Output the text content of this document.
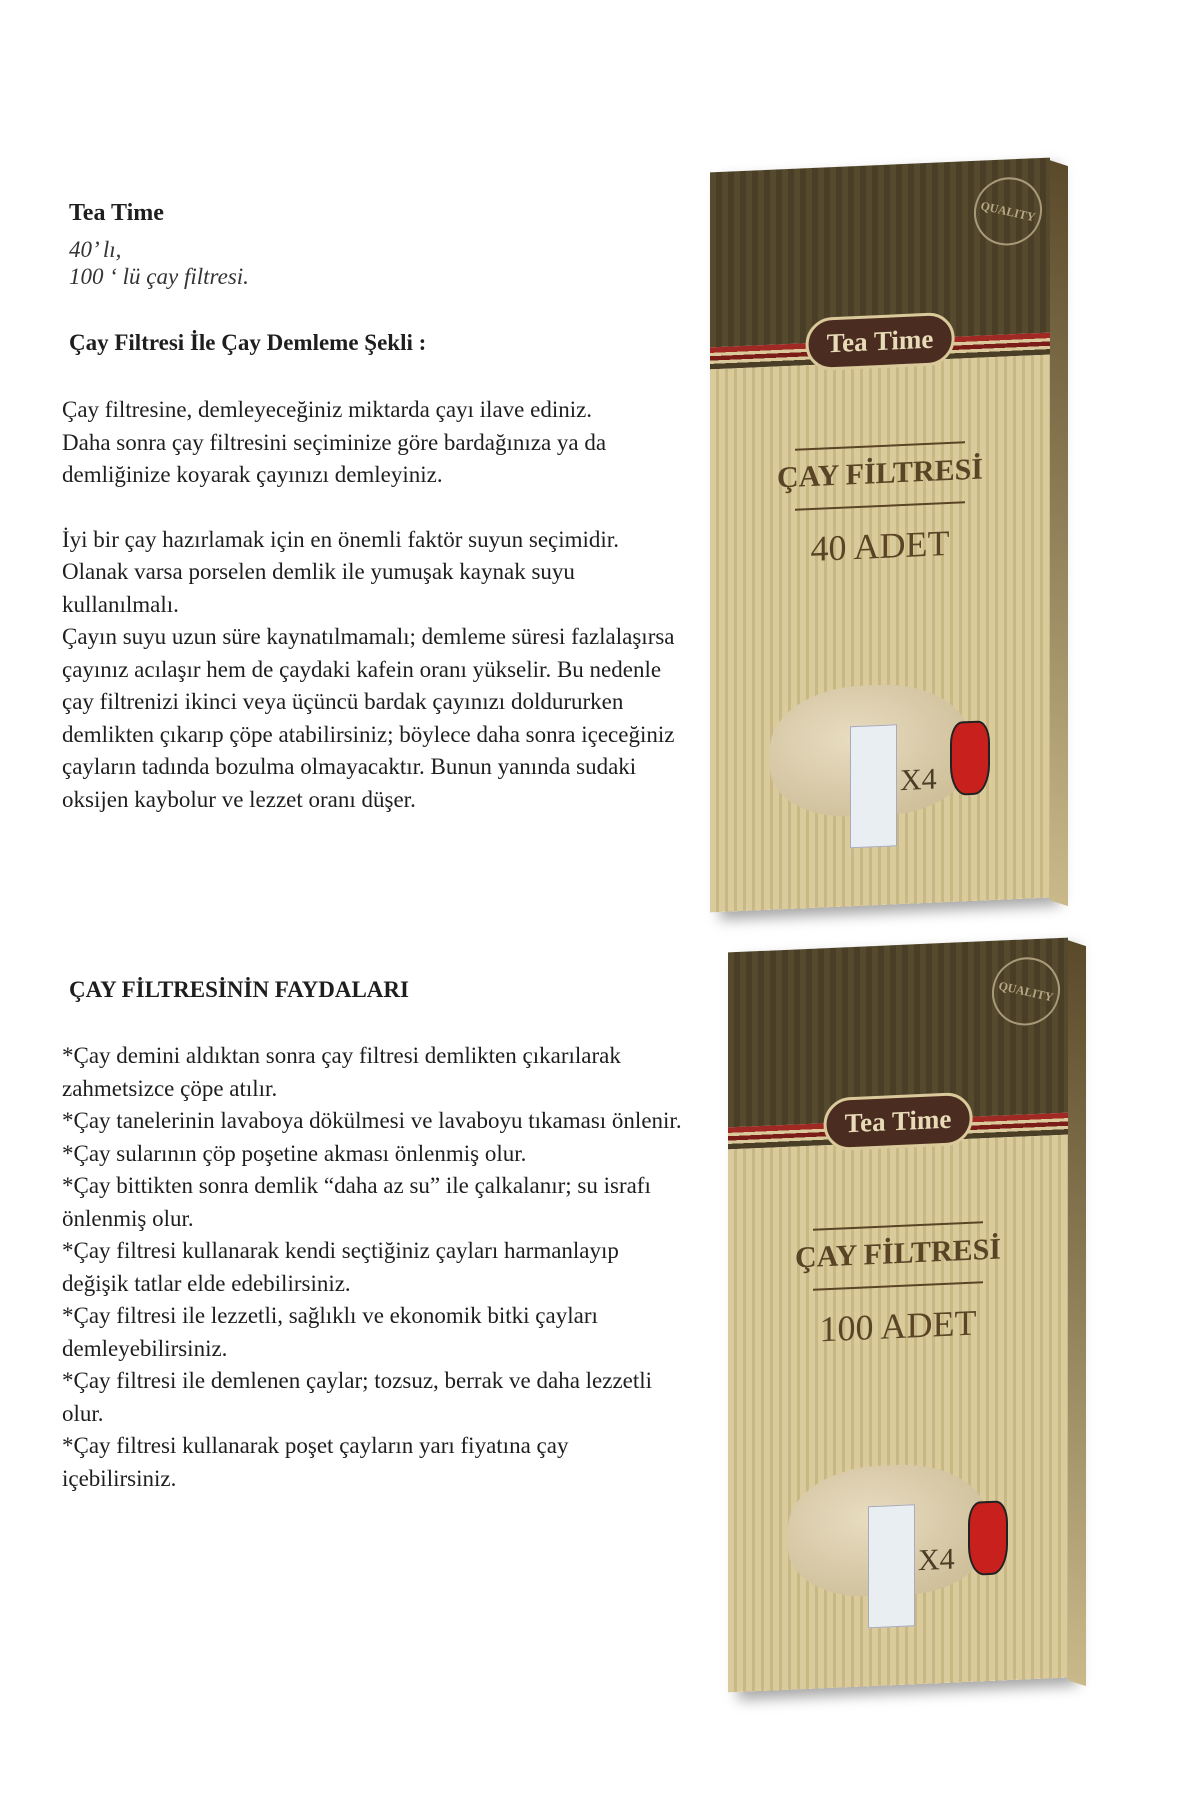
Tea Time
40’ lı,
100 ‘ lü çay filtresi.
Çay Filtresi İle Çay Demleme Şekli :

Çay filtresine, demleyeceğiniz miktarda çayı ilave ediniz.

Daha sonra çay filtresini seçiminize göre bardağınıza ya da demliğinize koyarak çayınızı demleyiniz.

İyi bir çay hazırlamak için en önemli faktör suyun seçimidir.

Olanak varsa porselen demlik ile yumuşak kaynak suyu kullanılmalı.

Çayın suyu uzun süre kaynatılmamalı; demleme süresi fazlalaşırsa çayınız acılaşır hem de çaydaki kafein oranı yükselir. Bu nedenle çay filtrenizi ikinci veya üçüncü bardak çayınızı doldururken demlikten çıkarıp çöpe atabilirsiniz; böylece daha sonra içeceğiniz çayların tadında bozulma olmayacaktır. Bunun yanında sudaki oksijen kaybolur ve lezzet oranı düşer.

ÇAY FİLTRESİNİN FAYDALARI

*Çay demini aldıktan sonra çay filtresi demlikten çıkarılarak zahmetsizce çöpe atılır.

*Çay tanelerinin lavaboya dökülmesi ve lavaboyu tıkaması önlenir.

*Çay sularının çöp poşetine akması önlenmiş olur.

*Çay bittikten sonra demlik “daha az su” ile çalkalanır; su israfı önlenmiş olur.

*Çay filtresi kullanarak kendi seçtiğiniz çayları harmanlayıp değişik tatlar elde edebilirsiniz.

*Çay filtresi ile lezzetli, sağlıklı ve ekonomik bitki çayları demleyebilirsiniz.

*Çay filtresi ile demlenen çaylar; tozsuz, berrak ve daha lezzetli olur.

*Çay filtresi kullanarak poşet çayların yarı fiyatına çay içebilirsiniz.

QUALITY
Tea Time
ÇAY FİLTRESİ
40 ADET
X4
QUALITY
Tea Time
ÇAY FİLTRESİ
100 ADET
X4
